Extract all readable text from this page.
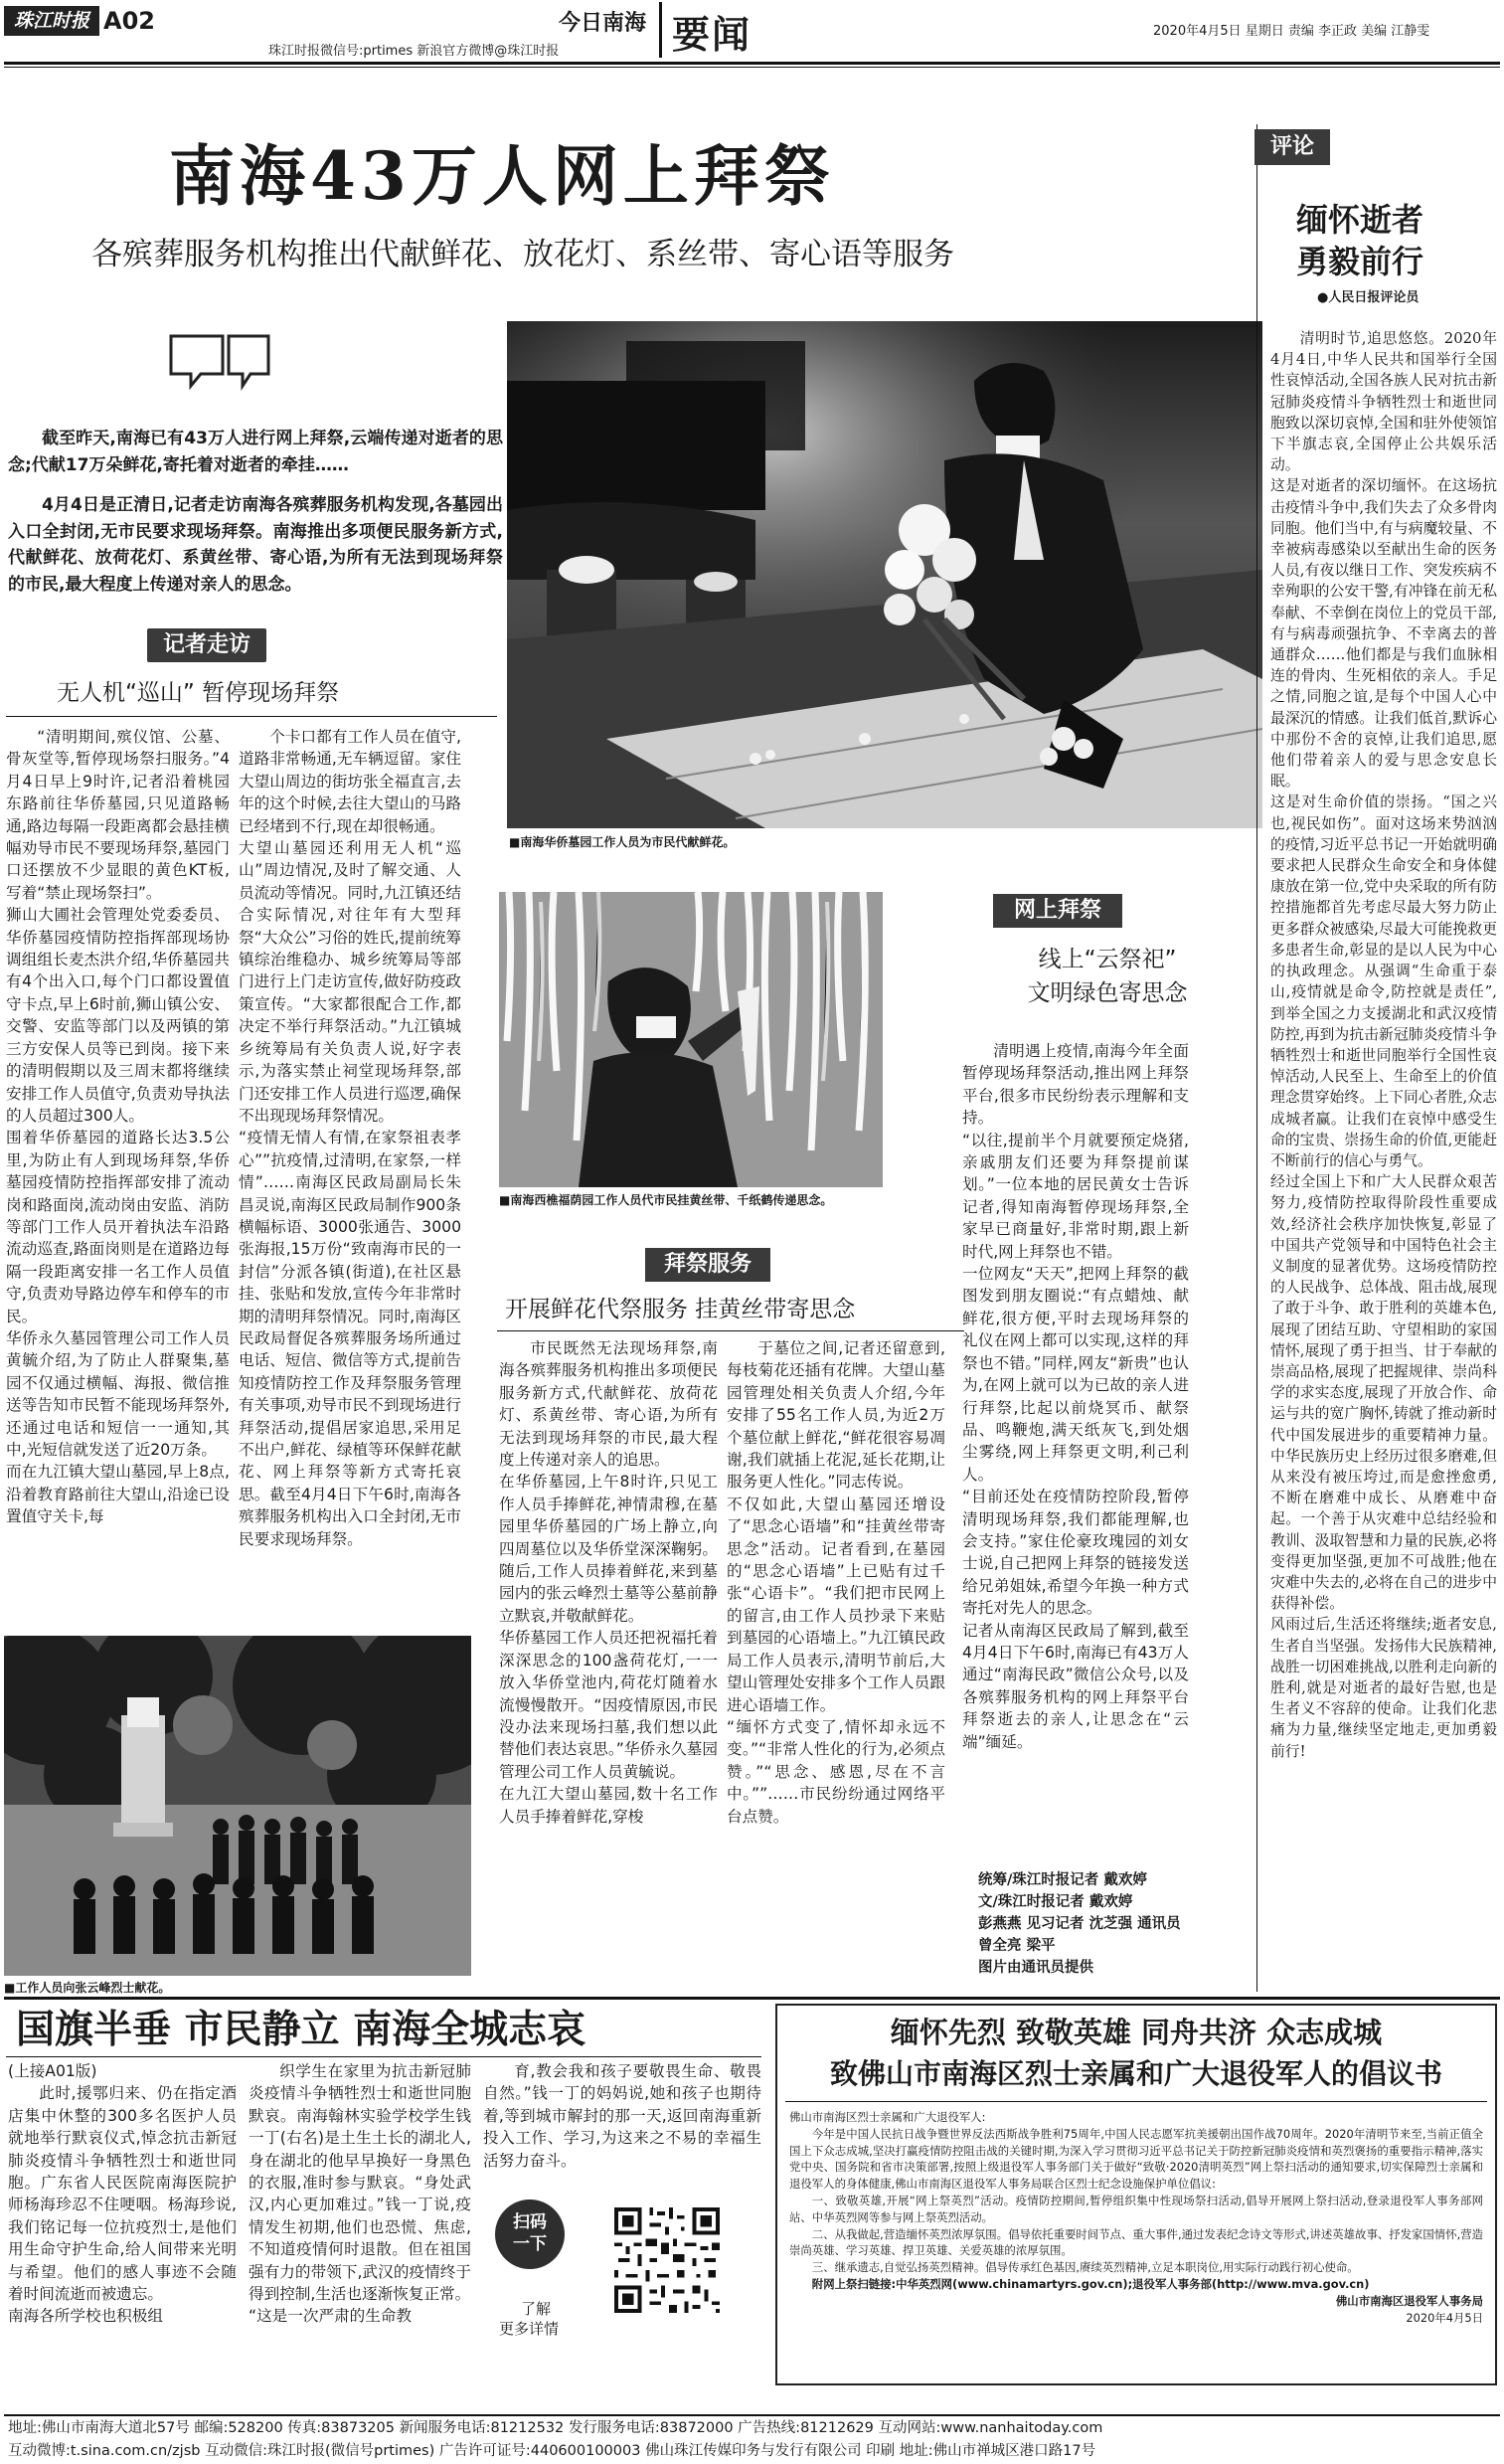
珠江时报 A02
珠江时报微信号:prtimes 新浪官方微博@珠江时报
今日南海 要闻	2020年4月5日 星期日 责编 李正政 美编 江静雯
南海43万人网上拜祭
各殡葬服务机构推出代献鲜花、放花灯、系丝带、寄心语等服务

截至昨天,南海已有43万人进行网上拜祭,云端传递对逝者的思念;代献17万朵鲜花,寄托着对逝者的牵挂……

4月4日是正清日,记者走访南海各殡葬服务机构发现,各墓园出入口全封闭,无市民要求现场拜祭。南海推出多项便民服务新方式,代献鲜花、放荷花灯、系黄丝带、寄心语,为所有无法到现场拜祭的市民,最大程度上传递对亲人的思念。

■南海华侨墓园工作人员为市民代献鲜花。
记者走访
无人机“巡山” 暂停现场拜祭
“清明期间,殡仪馆、公墓、骨灰堂等,暂停现场祭扫服务。”4月4日早上9时许,记者沿着桃园东路前往华侨墓园,只见道路畅通,路边每隔一段距离都会悬挂横幅劝导市民不要现场拜祭,墓园门口还摆放不少显眼的黄色KT板,写着“禁止现场祭扫”。
狮山大圃社会管理处党委委员、华侨墓园疫情防控指挥部现场协调组组长麦杰洪介绍,华侨墓园共有4个出入口,每个门口都设置值守卡点,早上6时前,狮山镇公安、交警、安监等部门以及两镇的第三方安保人员等已到岗。接下来的清明假期以及三周末都将继续安排工作人员值守,负责劝导执法的人员超过300人。
围着华侨墓园的道路长达3.5公里,为防止有人到现场拜祭,华侨墓园疫情防控指挥部安排了流动岗和路面岗,流动岗由安监、消防等部门工作人员开着执法车沿路流动巡查,路面岗则是在道路边每隔一段距离安排一名工作人员值守,负责劝导路边停车和停车的市民。
华侨永久墓园管理公司工作人员黄毓介绍,为了防止人群聚集,墓园不仅通过横幅、海报、微信推送等告知市民暂不能现场拜祭外,还通过电话和短信一一通知,其中,光短信就发送了近20万条。
而在九江镇大望山墓园,早上8点,沿着教育路前往大望山,沿途已设置值守关卡,每
个卡口都有工作人员在值守,道路非常畅通,无车辆逗留。家住大望山周边的街坊张全福直言,去年的这个时候,去往大望山的马路已经堵到不行,现在却很畅通。
大望山墓园还利用无人机“巡山”周边情况,及时了解交通、人员流动等情况。同时,九江镇还结合实际情况,对往年有大型拜祭“大众公”习俗的姓氏,提前统筹镇综治维稳办、城乡统筹局等部门进行上门走访宣传,做好防疫政策宣传。“大家都很配合工作,都决定不举行拜祭活动。”九江镇城乡统筹局有关负责人说,好字表示,为落实禁止祠堂现场拜祭,部门还安排工作人员进行巡逻,确保不出现现场拜祭情况。
“疫情无情人有情,在家祭祖表孝心””抗疫情,过清明,在家祭,一样情”……南海区民政局副局长朱昌灵说,南海区民政局制作900条横幅标语、3000张通告、3000张海报,15万份“致南海市民的一封信”分派各镇(街道),在社区悬挂、张贴和发放,宣传今年非常时期的清明拜祭情况。同时,南海区民政局督促各殡葬服务场所通过电话、短信、微信等方式,提前告知疫情防控工作及拜祭服务管理有关事项,劝导市民不到现场进行拜祭活动,提倡居家追思,采用足不出户,鲜花、绿植等环保鲜花献花、网上拜祭等新方式寄托哀思。截至4月4日下午6时,南海各殡葬服务机构出入口全封闭,无市民要求现场拜祭。
■南海西樵福荫园工作人员代市民挂黄丝带、千纸鹤传递思念。
拜祭服务
开展鲜花代祭服务 挂黄丝带寄思念
市民既然无法现场拜祭,南海各殡葬服务机构推出多项便民服务新方式,代献鲜花、放荷花灯、系黄丝带、寄心语,为所有无法到现场拜祭的市民,最大程度上传递对亲人的追思。
在华侨墓园,上午8时许,只见工作人员手捧鲜花,神情肃穆,在墓园里华侨墓园的广场上静立,向四周墓位以及华侨堂深深鞠躬。随后,工作人员捧着鲜花,来到墓园内的张云峰烈士墓等公墓前静立默哀,并敬献鲜花。
华侨墓园工作人员还把祝福托着深深思念的100盏荷花灯,一一放入华侨堂池内,荷花灯随着水流慢慢散开。“因疫情原因,市民没办法来现场扫墓,我们想以此替他们表达哀思。”华侨永久墓园管理公司工作人员黄毓说。
在九江大望山墓园,数十名工作人员手捧着鲜花,穿梭
于墓位之间,记者还留意到,每枝菊花还插有花牌。大望山墓园管理处相关负责人介绍,今年安排了55名工作人员,为近2万个墓位献上鲜花,“鲜花很容易凋谢,我们就插上花泥,延长花期,让服务更人性化。”同志传说。
不仅如此,大望山墓园还增设了“思念心语墙”和“挂黄丝带寄思念”活动。记者看到,在墓园的“思念心语墙”上已贴有过千张“心语卡”。“我们把市民网上的留言,由工作人员抄录下来贴到墓园的心语墙上。”九江镇民政局工作人员表示,清明节前后,大望山管理处安排多个工作人员跟进心语墙工作。
“缅怀方式变了,情怀却永远不变。”“非常人性化的行为,必须点赞。”“思念、感恩,尽在不言中。””……市民纷纷通过网络平台点赞。
网上拜祭
线上“云祭祀”
文明绿色寄思念
清明遇上疫情,南海今年全面暂停现场拜祭活动,推出网上拜祭平台,很多市民纷纷表示理解和支持。
“以往,提前半个月就要预定烧猪,亲戚朋友们还要为拜祭提前谋划。”一位本地的居民黄女士告诉记者,得知南海暂停现场拜祭,全家早已商量好,非常时期,跟上新时代,网上拜祭也不错。
一位网友“天天”,把网上拜祭的截图发到朋友圈说:“有点蜡烛、献鲜花,很方便,平时去现场拜祭的礼仪在网上都可以实现,这样的拜祭也不错。”同样,网友“新贵”也认为,在网上就可以为已故的亲人进行拜祭,比起以前烧冥币、献祭品、鸣鞭炮,满天纸灰飞,到处烟尘雾绕,网上拜祭更文明,利己利人。
“目前还处在疫情防控阶段,暂停清明现场拜祭,我们都能理解,也会支持。”家住伦豪玫瑰园的刘女士说,自己把网上拜祭的链接发送给兄弟姐妹,希望今年换一种方式寄托对先人的思念。
记者从南海区民政局了解到,截至4月4日下午6时,南海已有43万人通过“南海民政”微信公众号,以及各殡葬服务机构的网上拜祭平台拜祭逝去的亲人,让思念在“云端”缅延。
统筹/珠江时报记者 戴欢婷
文/珠江时报记者 戴欢婷
彭燕燕 见习记者 沈芝强 通讯员 曾全亮 梁平
图片由通讯员提供
■工作人员向张云峰烈士献花。
评论
缅怀逝者
勇毅前行
●人民日报评论员
清明时节,追思悠悠。2020年4月4日,中华人民共和国举行全国性哀悼活动,全国各族人民对抗击新冠肺炎疫情斗争牺牲烈士和逝世同胞致以深切哀悼,全国和驻外使领馆下半旗志哀,全国停止公共娱乐活动。
这是对逝者的深切缅怀。在这场抗击疫情斗争中,我们失去了众多骨肉同胞。他们当中,有与病魔较量、不幸被病毒感染以至献出生命的医务人员,有夜以继日工作、突发疾病不幸殉职的公安干警,有冲锋在前无私奉献、不幸倒在岗位上的党员干部,有与病毒顽强抗争、不幸离去的普通群众……他们都是与我们血脉相连的骨肉、生死相依的亲人。手足之情,同胞之谊,是每个中国人心中最深沉的情感。让我们低首,默诉心中那份不舍的哀悼,让我们追思,愿他们带着亲人的爱与思念安息长眠。
这是对生命价值的崇扬。“国之兴也,视民如伤”。面对这场来势汹汹的疫情,习近平总书记一开始就明确要求把人民群众生命安全和身体健康放在第一位,党中央采取的所有防控措施都首先考虑尽最大努力防止更多群众被感染,尽最大可能挽救更多患者生命,彰显的是以人民为中心的执政理念。从强调“生命重于泰山,疫情就是命令,防控就是责任”,到举全国之力支援湖北和武汉疫情防控,再到为抗击新冠肺炎疫情斗争牺牲烈士和逝世同胞举行全国性哀悼活动,人民至上、生命至上的价值理念贯穿始终。上下同心者胜,众志成城者赢。让我们在哀悼中感受生命的宝贵、崇扬生命的价值,更能赶不断前行的信心与勇气。
经过全国上下和广大人民群众艰苦努力,疫情防控取得阶段性重要成效,经济社会秩序加快恢复,彰显了中国共产党领导和中国特色社会主义制度的显著优势。这场疫情防控的人民战争、总体战、阻击战,展现了敢于斗争、敢于胜利的英雄本色,展现了团结互助、守望相助的家国情怀,展现了勇于担当、甘于奉献的崇高品格,展现了把握规律、崇尚科学的求实态度,展现了开放合作、命运与共的宽广胸怀,铸就了推动新时代中国发展进步的重要精神力量。中华民族历史上经历过很多磨难,但从来没有被压垮过,而是愈挫愈勇,不断在磨难中成长、从磨难中奋起。一个善于从灾难中总结经验和教训、汲取智慧和力量的民族,必将变得更加坚强,更加不可战胜;他在灾难中失去的,必将在自己的进步中获得补偿。
风雨过后,生活还将继续;逝者安息,生者自当坚强。发扬伟大民族精神,战胜一切困难挑战,以胜利走向新的胜利,就是对逝者的最好告慰,也是生者义不容辞的使命。让我们化悲痛为力量,继续坚定地走,更加勇毅前行!
国旗半垂 市民静立 南海全城志哀
(上接A01版)
此时,援鄂归来、仍在指定酒店集中休整的300多名医护人员就地举行默哀仪式,悼念抗击新冠肺炎疫情斗争牺牲烈士和逝世同胞。广东省人民医院南海医院护师杨海珍忍不住哽咽。杨海珍说,我们铭记每一位抗疫烈士,是他们用生命守护生命,给人间带来光明与希望。他们的感人事迹不会随着时间流逝而被遗忘。
南海各所学校也积极组
织学生在家里为抗击新冠肺炎疫情斗争牺牲烈士和逝世同胞默哀。南海翰林实验学校学生钱一丁(右名)是土生土长的湖北人,身在湖北的他早早换好一身黑色的衣服,准时参与默哀。“身处武汉,内心更加难过。”钱一丁说,疫情发生初期,他们也恐慌、焦虑,不知道疫情何时退散。但在祖国强有力的带领下,武汉的疫情终于得到控制,生活也逐渐恢复正常。
“这是一次严肃的生命教
育,教会我和孩子要敬畏生命、敬畏自然。”钱一丁的妈妈说,她和孩子也期待着,等到城市解封的那一天,返回南海重新投入工作、学习,为这来之不易的幸福生活努力奋斗。
扫码
一下
了解
更多详情
缅怀先烈 致敬英雄 同舟共济 众志成城
致佛山市南海区烈士亲属和广大退役军人的倡议书
佛山市南海区烈士亲属和广大退役军人:
今年是中国人民抗日战争暨世界反法西斯战争胜利75周年,中国人民志愿军抗美援朝出国作战70周年。2020年清明节来至,当前正值全国上下众志成城,坚决打赢疫情防控阻击战的关键时期,为深入学习贯彻习近平总书记关于防控新冠肺炎疫情和英烈褒扬的重要指示精神,落实党中央、国务院和省市决策部署,按照上级退役军人事务部门关于做好“致敬·2020清明英烈”网上祭扫活动的通知要求,切实保障烈士亲属和退役军人的身体健康,佛山市南海区退役军人事务局联合区烈士纪念设施保护单位倡议:
一、致敬英雄,开展“网上祭英烈”活动。疫情防控期间,暂停组织集中性现场祭扫活动,倡导开展网上祭扫活动,登录退役军人事务部网站、中华英烈网等参与网上祭英烈活动。
二、从我做起,营造缅怀英烈浓厚氛围。倡导依托重要时间节点、重大事件,通过发表纪念诗文等形式,讲述英雄故事、抒发家国情怀,营造崇尚英雄、学习英雄、捍卫英雄、关爱英雄的浓厚氛围。
三、继承遗志,自觉弘扬英烈精神。倡导传承红色基因,赓续英烈精神,立足本职岗位,用实际行动践行初心使命。
附网上祭扫链接:中华英烈网(www.chinamartyrs.gov.cn);退役军人事务部(http://www.mva.gov.cn)
佛山市南海区退役军人事务局
2020年4月5日
地址:佛山市南海大道北57号 邮编:528200 传真:83873205 新闻服务电话:81212532 发行服务电话:83872000 广告热线:81212629 互动网站:www.nanhaitoday.com
互动微博:t.sina.com.cn/zjsb 互动微信:珠江时报(微信号prtimes) 广告许可证号:440600100003 佛山珠江传媒印务与发行有限公司 印刷 地址:佛山市禅城区港口路17号
